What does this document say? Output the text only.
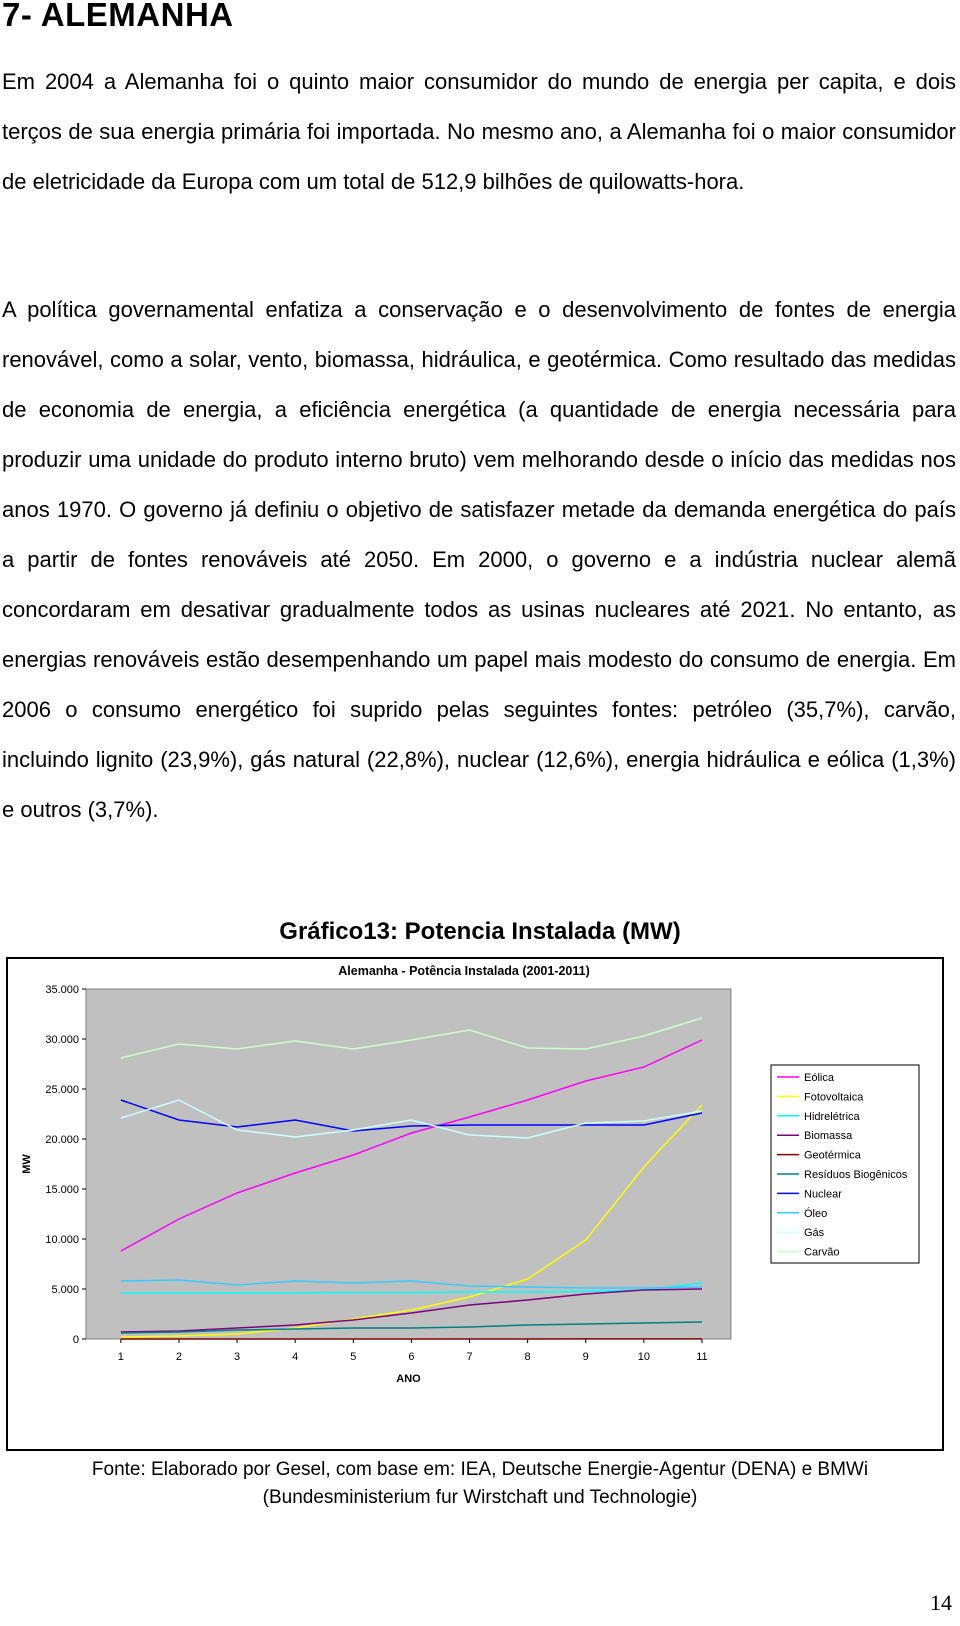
7- ALEMANHA

Em 2004 a Alemanha foi o quinto maior consumidor do mundo de energia per capita, e dois terços de sua energia primária foi importada. No mesmo ano, a Alemanha foi o maior consumidor de eletricidade da Europa com um total de 512,9 bilhões de quilowatts-hora.

A política governamental enfatiza a conservação e o desenvolvimento de fontes de energia renovável, como a solar, vento, biomassa, hidráulica, e geotérmica. Como resultado das medidas de economia de energia, a eficiência energética (a quantidade de energia necessária para produzir uma unidade do produto interno bruto) vem melhorando desde o início das medidas nos anos 1970. O governo já definiu o objetivo de satisfazer metade da demanda energética do país a partir de fontes renováveis até 2050. Em 2000, o governo e a indústria nuclear alemã concordaram em desativar gradualmente todos as usinas nucleares até 2021. No entanto, as energias renováveis estão desempenhando um papel mais modesto do consumo de energia. Em 2006 o consumo energético foi suprido pelas seguintes fontes: petróleo (35,7%), carvão, incluindo lignito (23,9%), gás natural (22,8%), nuclear (12,6%), energia hidráulica e eólica (1,3%) e outros (3,7%).

Gráfico13: Potencia Instalada (MW)
Alemanha - Potência Instalada (2001-2011)
0
5.000
10.000
15.000
20.000
25.000
30.000
35.000
1	2	3	4	5	6	7	8	9	10	11
ANO
MW
Eólica
Fotovoltaica
Hidrelétrica
Biomassa
Geotérmica
Resíduos Biogênicos
Nuclear
Óleo
Gás
Carvão
Fonte: Elaborado por Gesel, com base em: IEA, Deutsche Energie-Agentur (DENA) e BMWi
(Bundesministerium fur Wirstchaft und Technologie)
14
